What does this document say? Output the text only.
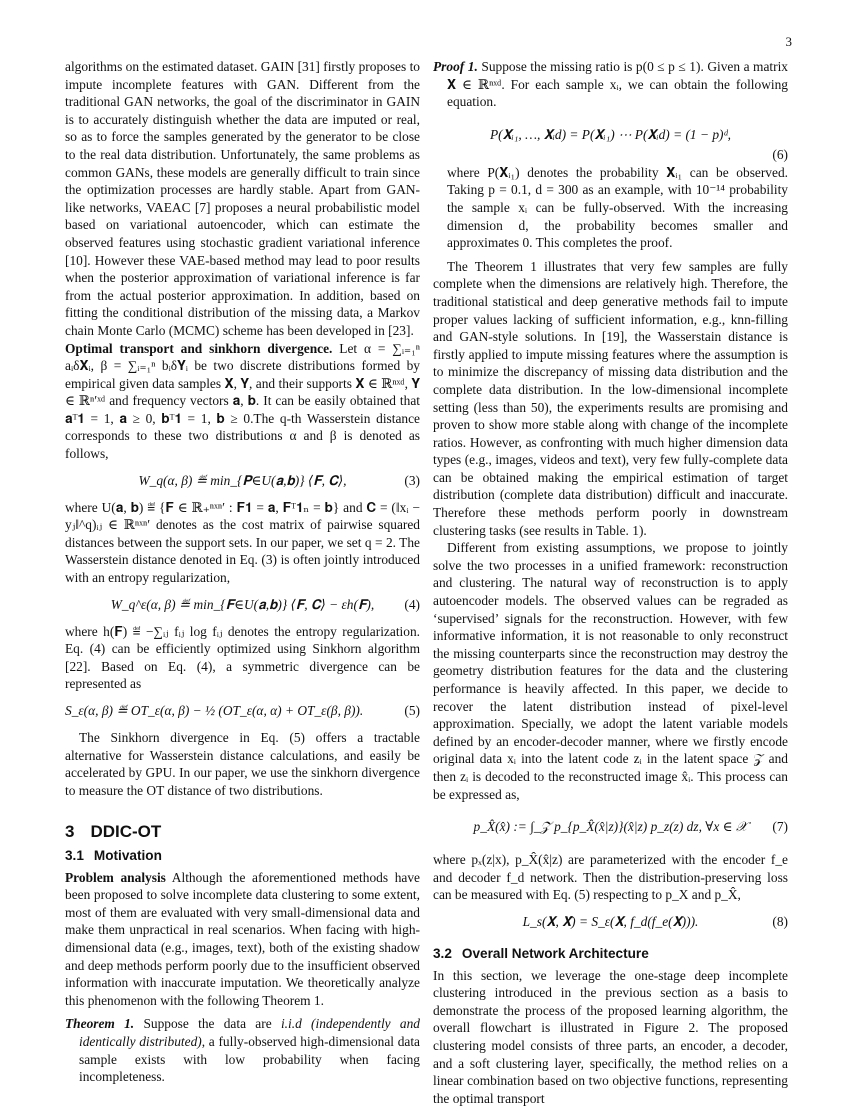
3

algorithms on the estimated dataset. GAIN [31] firstly proposes to impute incomplete features with GAN. Different from the traditional GAN networks, the goal of the discriminator in GAIN is to accurately distinguish whether the data are imputed or real, so as to force the samples generated by the generator to be close to the real data distribution. Unfortunately, the same problems as common GANs, these models are generally difficult to train since the optimization processes are hardly stable. Apart from GAN-like networks, VAEAC [7] proposes a neural probabilistic model based on variational autoencoder, which can estimate the observed features using stochastic gradient variational inference [10]. However these VAE-based method may lead to poor results when the posterior approximation of variational inference is far from the actual posterior approximation. In addition, based on fitting the conditional distribution of the missing data, a Markov chain Monte Carlo (MCMC) scheme has been developed in [23].

Optimal transport and sinkhorn divergence. Let α = ∑ᵢ₌₁ⁿ aᵢδ𝐗ᵢ, β = ∑ᵢ₌₁ⁿ bᵢδ𝐘ᵢ be two discrete distributions formed by empirical given data samples 𝐗, 𝐘, and their supports 𝐗 ∈ ℝⁿˣᵈ, 𝐘 ∈ ℝⁿ′ˣᵈ and frequency vectors 𝐚, 𝐛. It can be easily obtained that 𝐚ᵀ𝟏 = 1, 𝐚 ≥ 0, 𝐛ᵀ𝟏 = 1, 𝐛 ≥ 0.The q-th Wasserstein distance corresponds to these two distributions α and β is denoted as follows,

W_q(α, β) ≝ min_{𝐏∈U(𝐚,𝐛)} ⟨𝐅, 𝐂⟩,	(3)

where U(𝐚, 𝐛) ≝ {𝐅 ∈ ℝ₊ⁿˣⁿ′ : 𝐅𝟏 = 𝐚, 𝐅ᵀ𝟏ₙ = 𝐛} and 𝐂 = (‖xᵢ − yⱼ‖^q)ᵢⱼ ∈ ℝⁿˣⁿ′ denotes as the cost matrix of pairwise squared distances between the support sets. In our paper, we set q = 2. The Wasserstein distance denoted in Eq. (3) is often jointly introduced with an entropy regularization,

W_q^ε(α, β) ≝ min_{𝐅∈U(𝐚,𝐛)} ⟨𝐅, 𝐂⟩ − εh(𝐅), (4)

where h(𝐅) ≝ −∑ᵢⱼ fᵢⱼ log fᵢⱼ denotes the entropy regularization. Eq. (4) can be efficiently optimized using Sinkhorn algorithm [22]. Based on Eq. (4), a symmetric divergence can be represented as

S_ε(α, β) ≝ OT_ε(α, β) − ½ (OT_ε(α, α) + OT_ε(β, β)).	(5)

The Sinkhorn divergence in Eq. (5) offers a tractable alternative for Wasserstein distance calculations, and easily be accelerated by GPU. In our paper, we use the sinkhorn divergence to measure the OT distance of two distributions.

3 DDIC-OT
3.1 Motivation

Problem analysis Although the aforementioned methods have been proposed to solve incomplete data clustering to some extent, most of them are evaluated with very small-dimensional data and make them unpractical in real scenarios. When facing with high-dimensional data (e.g., images, text), both of the existing shadow and deep methods perform poorly due to the insufficient observed information with inaccurate imputation. We theoretically analyze this phenomenon with the following Theorem 1.

Theorem 1. Suppose the data are i.i.d (independently and identically distributed), a fully-observed high-dimensional data sample exists with low probability when facing incompleteness.

Proof 1. Suppose the missing ratio is p(0 ≤ p ≤ 1). Given a matrix 𝐗 ∈ ℝⁿˣᵈ. For each sample xᵢ, we can obtain the following equation.

P(𝐗ᵢ₁, …, 𝐗ᵢd) = P(𝐗ᵢ₁) ⋯ P(𝐗ᵢd) = (1 − p)ᵈ,
(6)

where P(𝐗ᵢ₁) denotes the probability 𝐗ᵢ₁ can be observed. Taking p = 0.1, d = 300 as an example, with 10⁻¹⁴ probability the sample xᵢ can be fully-observed. With the increasing dimension d, the probability becomes smaller and approximates 0. This completes the proof.

The Theorem 1 illustrates that very few samples are fully complete when the dimensions are relatively high. Therefore, the traditional statistical and deep generative methods fail to impute proper values lacking of sufficient information, e.g., knn-filling and GAN-style solutions. In [19], the Wasserstain distance is firstly applied to impute missing features where the assumption is to minimize the discrepancy of missing data distribution and the complete data distribution. In the low-dimensional incomplete setting (less than 50), the experiments results are promising and proven to show more stable along with change of the incomplete ratios. However, as confronting with much higher dimension data types (e.g., images, videos and text), very few fully-complete data can be obtained making the empirical estimation of target distribution (complete data distribution) difficult and inaccurate. Therefore these methods perform poorly in downstream clustering tasks (see results in Table. 1).

Different from existing assumptions, we propose to jointly solve the two processes in a unified framework: reconstruction and clustering. The natural way of reconstruction is to apply autoencoder models. The observed values can be regraded as ‘supervised’ signals for the reconstruction. However, with few informative information, it is not reasonable to only reconstruct the missing counterparts since the reconstruction may destroy the geometry distribution features for the data and the clustering performance is heavily affected. In this paper, we decide to recover the latent distribution instead of pixel-level approximation. Specially, we adopt the latent variable models defined by an encoder-decoder manner, where we firstly encode original data xᵢ into the latent code zᵢ in the latent space 𝒵 and then zᵢ is decoded to the reconstructed image x̂ᵢ. This process can be expressed as,

p_X̂(x̂) := ∫_𝒵 p_{p_X̂(x̂|z)}(x̂|z) p_z(z) dz, ∀x ∈ 𝒳 (7)

where pₓ(z|x), p_X̂(x̂|z) are parameterized with the encoder f_e and decoder f_d network. Then the distribution-preserving loss can be measured with Eq. (5) respecting to p_X and p_X̂,

L_s(𝐗, 𝐗̂) = S_ε(𝐗, f_d(f_e(𝐗))).	(8)
3.2 Overall Network Architecture

In this section, we leverage the one-stage deep incomplete clustering introduced in the previous section as a basis to demonstrate the process of the proposed learning algorithm, the overall flowchart is illustrated in Figure 2. The proposed clustering model consists of three parts, an encoder, a decoder, and a soft clustering layer, specifically, the method relies on a linear combination based on two objective functions, representing the optimal transport
